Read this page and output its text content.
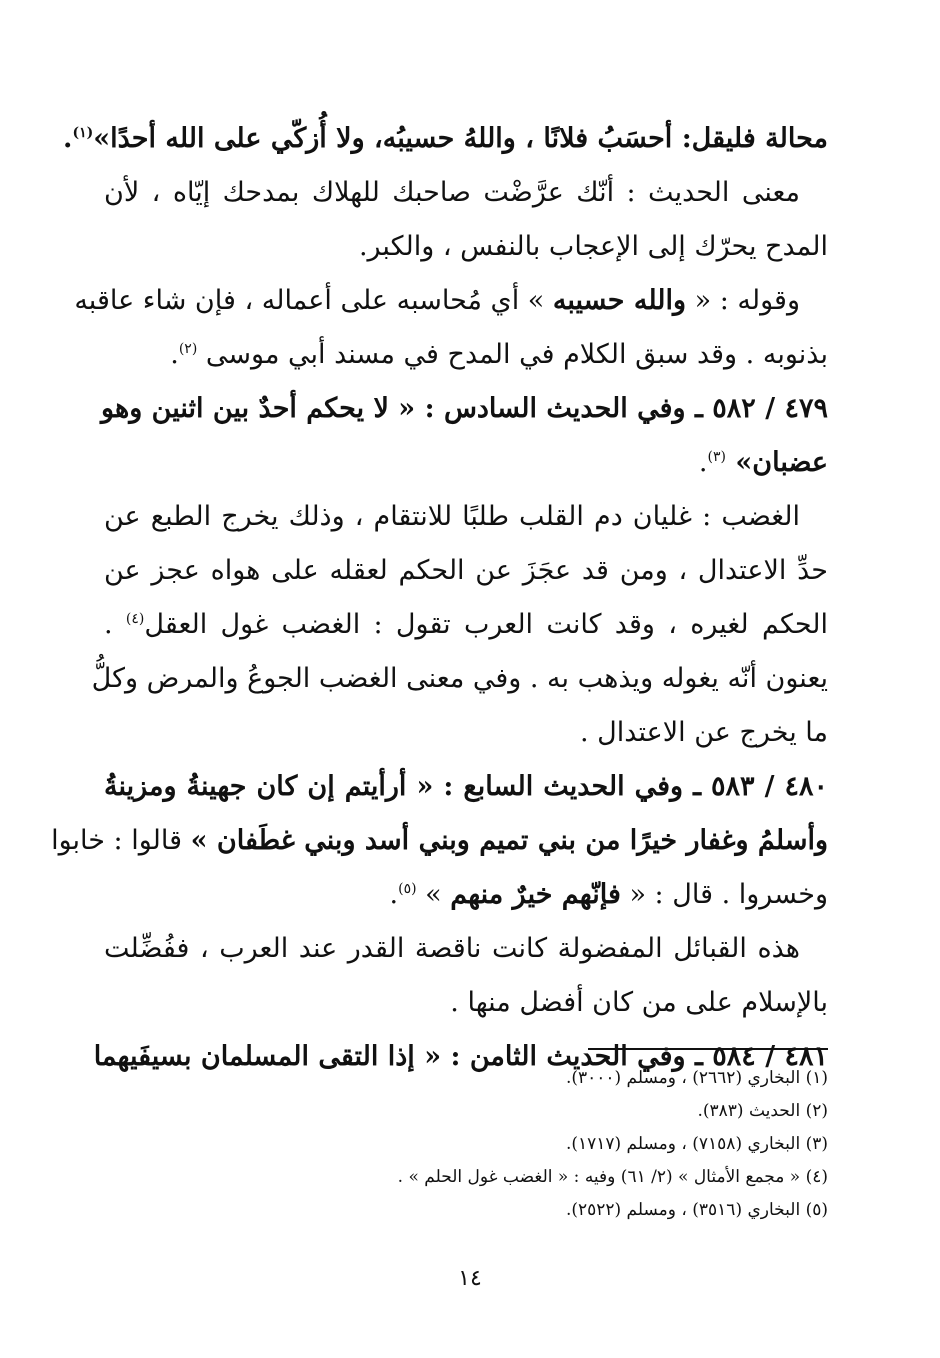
محالة فليقل: أحسَبُ فلانًا ، واللهُ حسيبُه، ولا أُزكّي على الله أحدًا»$^{(١)}$.
معنى الحديث : أنّك عرَّضْت صاحبك للهلاك بمدحك إيّاه ، لأن
المدح يحرّك إلى الإعجاب بالنفس ، والكبر.
وقوله : « والله حسيبه » أي مُحاسبه على أعماله ، فإن شاء عاقبه
بذنوبه . وقد سبق الكلام في المدح في مسند أبي موسى $^{(٢)}$.
٤٧٩ / ٥٨٢ ـ وفي الحديث السادس : « لا يحكم أحدٌ بين اثنين وهو
عضبان» $^{(٣)}$.
الغضب : غليان دم القلب طلبًا للانتقام ، وذلك يخرج الطبع عن
حدِّ الاعتدال ، ومن قد عجَزَ عن الحكم لعقله على هواه عجز عن
الحكم لغيره ، وقد كانت العرب تقول : الغضب غول العقل$^{(٤)}$ .
يعنون أنّه يغوله ويذهب به . وفي معنى الغضب الجوعُ والمرض وكلُّ
ما يخرج عن الاعتدال .
٤٨٠ / ٥٨٣ ـ وفي الحديث السابع : « أرأيتم إن كان جهينةُ ومزينةُ
وأسلمُ وغفار خيرًا من بني تميم وبني أسد وبني غطَفان » قالوا : خابوا
وخسروا . قال : « فإنّهم خيرٌ منهم » $^{(٥)}$.
هذه القبائل المفضولة كانت ناقصة القدر عند العرب ، ففُضِّلت
بالإسلام على من كان أفضل منها .
٤٨١ / ٥٨٤ ـ وفي الحديث الثامن : « إذا التقى المسلمان بسيفَيهما
(١) البخاري (٢٦٦٢) ، ومسلم (٣٠٠٠).
(٢) الحديث (٣٨٣).
(٣) البخاري (٧١٥٨) ، ومسلم (١٧١٧).
(٤) « مجمع الأمثال » (٢/ ٦١) وفيه : « الغضب غول الحلم » .
(٥) البخاري (٣٥١٦) ، ومسلم (٢٥٢٢).
١٤
